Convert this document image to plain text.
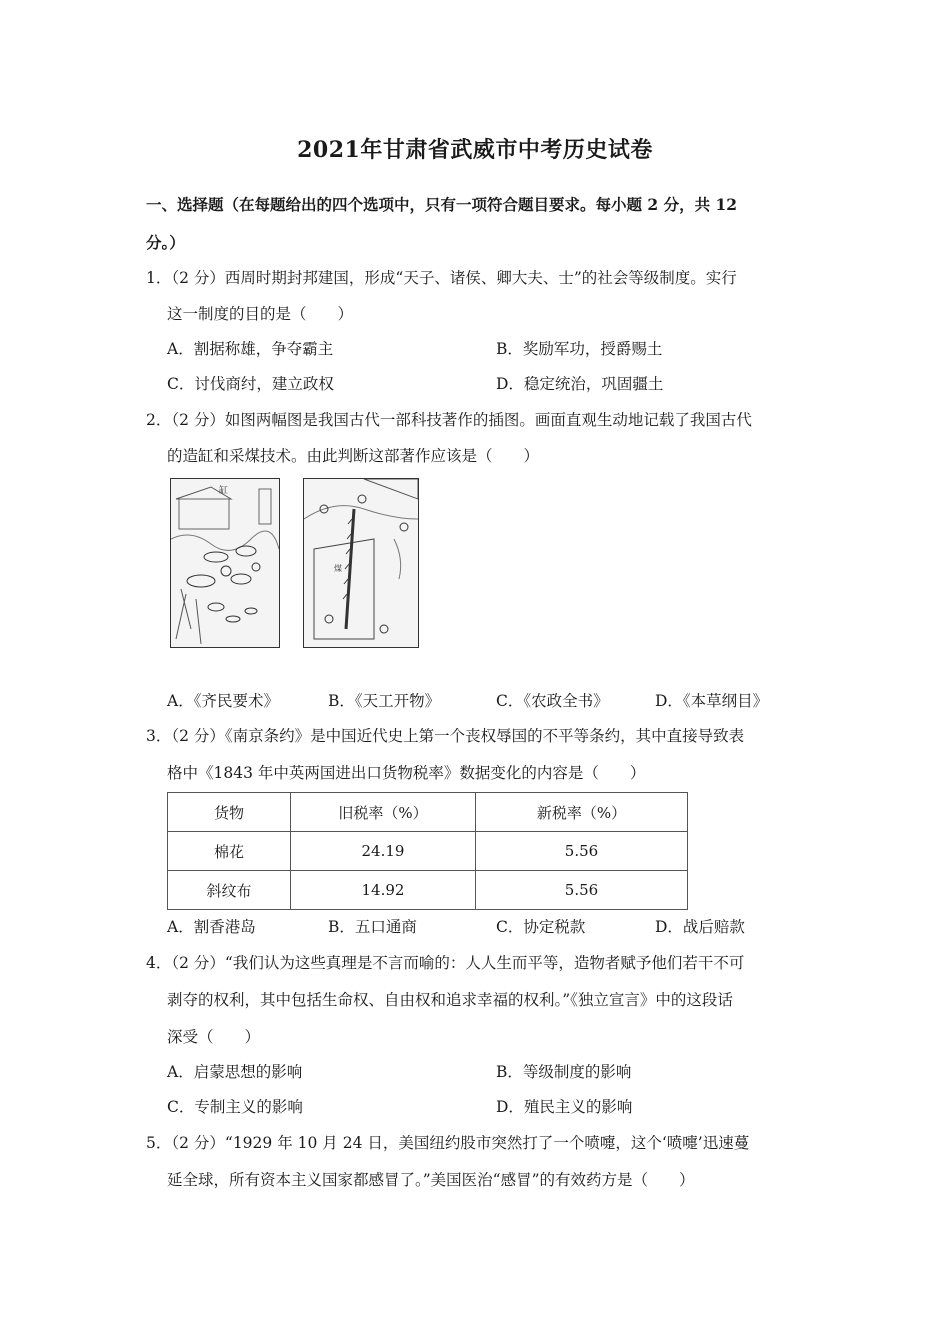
2021年甘肃省武威市中考历史试卷
一、选择题（在每题给出的四个选项中，只有一项符合题目要求。每小题 2 分，共 12
分。）
1．（2 分）西周时期封邦建国，形成“天子、诸侯、卿大夫、士”的社会等级制度。实行
这一制度的目的是（　　）
A．割据称雄，争夺霸主	B．奖励军功，授爵赐土
C．讨伐商纣，建立政权	D．稳定统治，巩固疆土
2．（2 分）如图两幅图是我国古代一部科技著作的插图。画面直观生动地记载了我国古代
的造缸和采煤技术。由此判断这部著作应该是（　　）
缸
煤
A．《齐民要术》	B．《天工开物》	C．《农政全书》	D．《本草纲目》
3．（2 分）《南京条约》是中国近代史上第一个丧权辱国的不平等条约，其中直接导致表
格中《1843 年中英两国进出口货物税率》数据变化的内容是（　　）
货物	旧税率（%）	新税率（%）
棉花	24.19	5.56
斜纹布	14.92	5.56
A．割香港岛	B．五口通商	C．协定税款	D．战后赔款
4．（2 分）“我们认为这些真理是不言而喻的：人人生而平等，造物者赋予他们若干不可
剥夺的权利，其中包括生命权、自由权和追求幸福的权利。”《独立宣言》中的这段话
深受（　　）
A．启蒙思想的影响	B．等级制度的影响
C．专制主义的影响	D．殖民主义的影响
5．（2 分）“1929 年 10 月 24 日，美国纽约股市突然打了一个喷嚏，这个‘喷嚏’迅速蔓
延全球，所有资本主义国家都感冒了。”美国医治“感冒”的有效药方是（　　）
